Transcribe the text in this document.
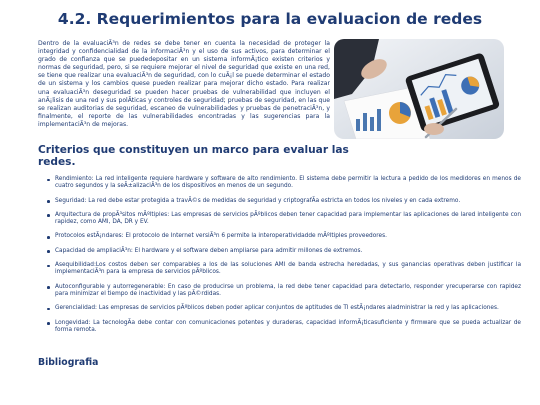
4.2. Requerimientos para la evaluacion de redes

Dentro de la evaluaciÃ³n de redes se debe tener en cuenta la necesidad de proteger la integridad y confidencialidad de la informaciÃ³n y el uso de sus activos, para determinar el grado de confianza que se puededepositar en un sistema informÃ¡tico existen criterios y normas de seguridad, pero, si se requiere mejorar el nivel de seguridad que existe en una red, se tiene que realizar una evaluaciÃ³n de seguridad, con lo cuÃ¡l se puede determinar el estado de un sistema y los cambios quese pueden realizar para mejorar dicho estado. Para realizar una evaluaciÃ³n deseguridad se pueden hacer pruebas de vulnerabilidad que incluyen el anÃ¡lisis de una red y sus polÃticas y controles de seguridad; pruebas de seguridad, en las que se realizan auditorias de seguridad, escaneo de vulnerabilidades y pruebas de penetraciÃ³n, y finalmente, el reporte de las vulnerabilidades encontradas y las sugerencias para la implementaciÃ³n de mejoras.

Criterios que constituyen un marco para evaluar las redes.
Rendimiento: La red inteligente requiere hardware y software de alto rendimiento. El sistema debe permitir la lectura a pedido de los medidores en menos de cuatro segundos y la seÃ±alizaciÃ³n de los dispositivos en menos de un segundo.
Seguridad: La red debe estar protegida a travÃ©s de medidas de seguridad y criptografÃa estricta en todos los niveles y en cada extremo.
Arquitectura de propÃ³sitos mÃºltiples: Las empresas de servicios pÃºblicos deben tener capacidad para implementar las aplicaciones de lared inteligente con rapidez, como AMI, DA, DR y EV.
Protocolos estÃ¡ndares: El protocolo de Internet versiÃ³n 6 permite la interoperatividadde mÃºltiples proveedores.
Capacidad de ampliaciÃ³n: El hardware y el software deben ampliarse para admitir millones de extremos.
Asequibilidad:Los costos deben ser comparables a los de las soluciones AMI de banda estrecha heredadas, y sus ganancias operativas deben justificar la implementaciÃ³n para la empresa de servicios pÃºblicos.
Autoconfigurable y autorregenerable: En caso de producirse un problema, la red debe tener capacidad para detectarlo, responder yrecuperarse con rapidez para minimizar el tiempo de inactividad y las pÃ©rdidas.
Gerencialidad: Las empresas de servicios pÃºblicos deben poder aplicar conjuntos de aptitudes de TI estÃ¡ndares aladministrar la red y las aplicaciones.
Longevidad: La tecnologÃa debe contar con comunicaciones potentes y duraderas, capacidad informÃ¡ticasuficiente y firmware que se pueda actualizar de forma remota.
Bibliografia
